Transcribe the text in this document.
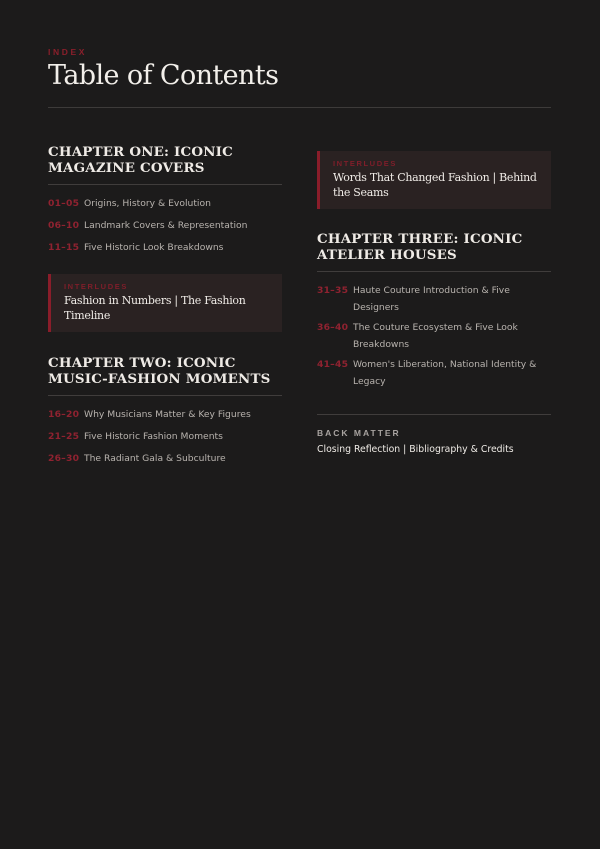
INDEX
Table of Contents
CHAPTER ONE: ICONIC MAGAZINE COVERS
01–05 Origins, History & Evolution
06–10 Landmark Covers & Representation
11–15 Five Historic Look Breakdowns
INTERLUDES
Fashion in Numbers | The Fashion Timeline
CHAPTER TWO: ICONIC MUSIC-FASHION MOMENTS
16–20 Why Musicians Matter & Key Figures
21–25 Five Historic Fashion Moments
26–30 The Radiant Gala & Subculture
INTERLUDES
Words That Changed Fashion | Behind the Seams
CHAPTER THREE: ICONIC ATELIER HOUSES
31–35 Haute Couture Introduction & Five Designers
36–40 The Couture Ecosystem & Five Look Breakdowns
41–45 Women's Liberation, National Identity & Legacy
BACK MATTER
Closing Reflection | Bibliography & Credits
